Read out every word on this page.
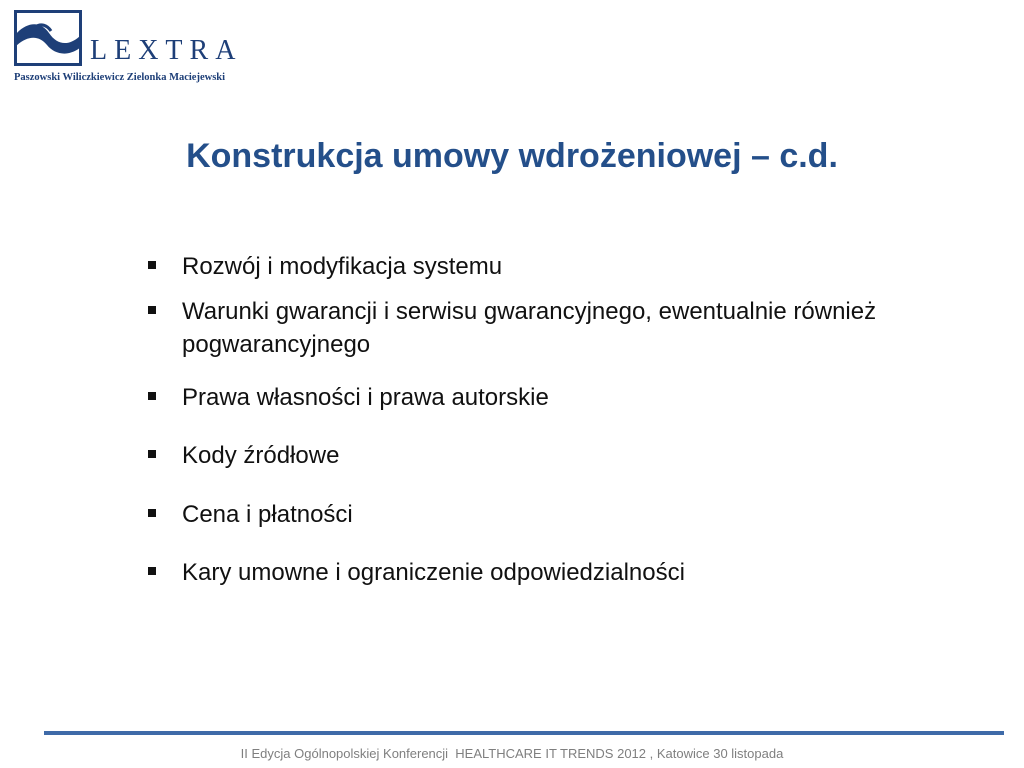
LEXTRA
Paszowski Wiliczkiewicz Zielonka Maciejewski
Konstrukcja umowy wdrożeniowej – c.d.
Rozwój i modyfikacja systemu
Warunki gwarancji i serwisu gwarancyjnego, ewentualnie również pogwarancyjnego
Prawa własności i prawa autorskie
Kody źródłowe
Cena i płatności
Kary umowne i ograniczenie odpowiedzialności
II Edycja Ogólnopolskiej Konferencji  HEALTHCARE IT TRENDS 2012 , Katowice 30 listopada
